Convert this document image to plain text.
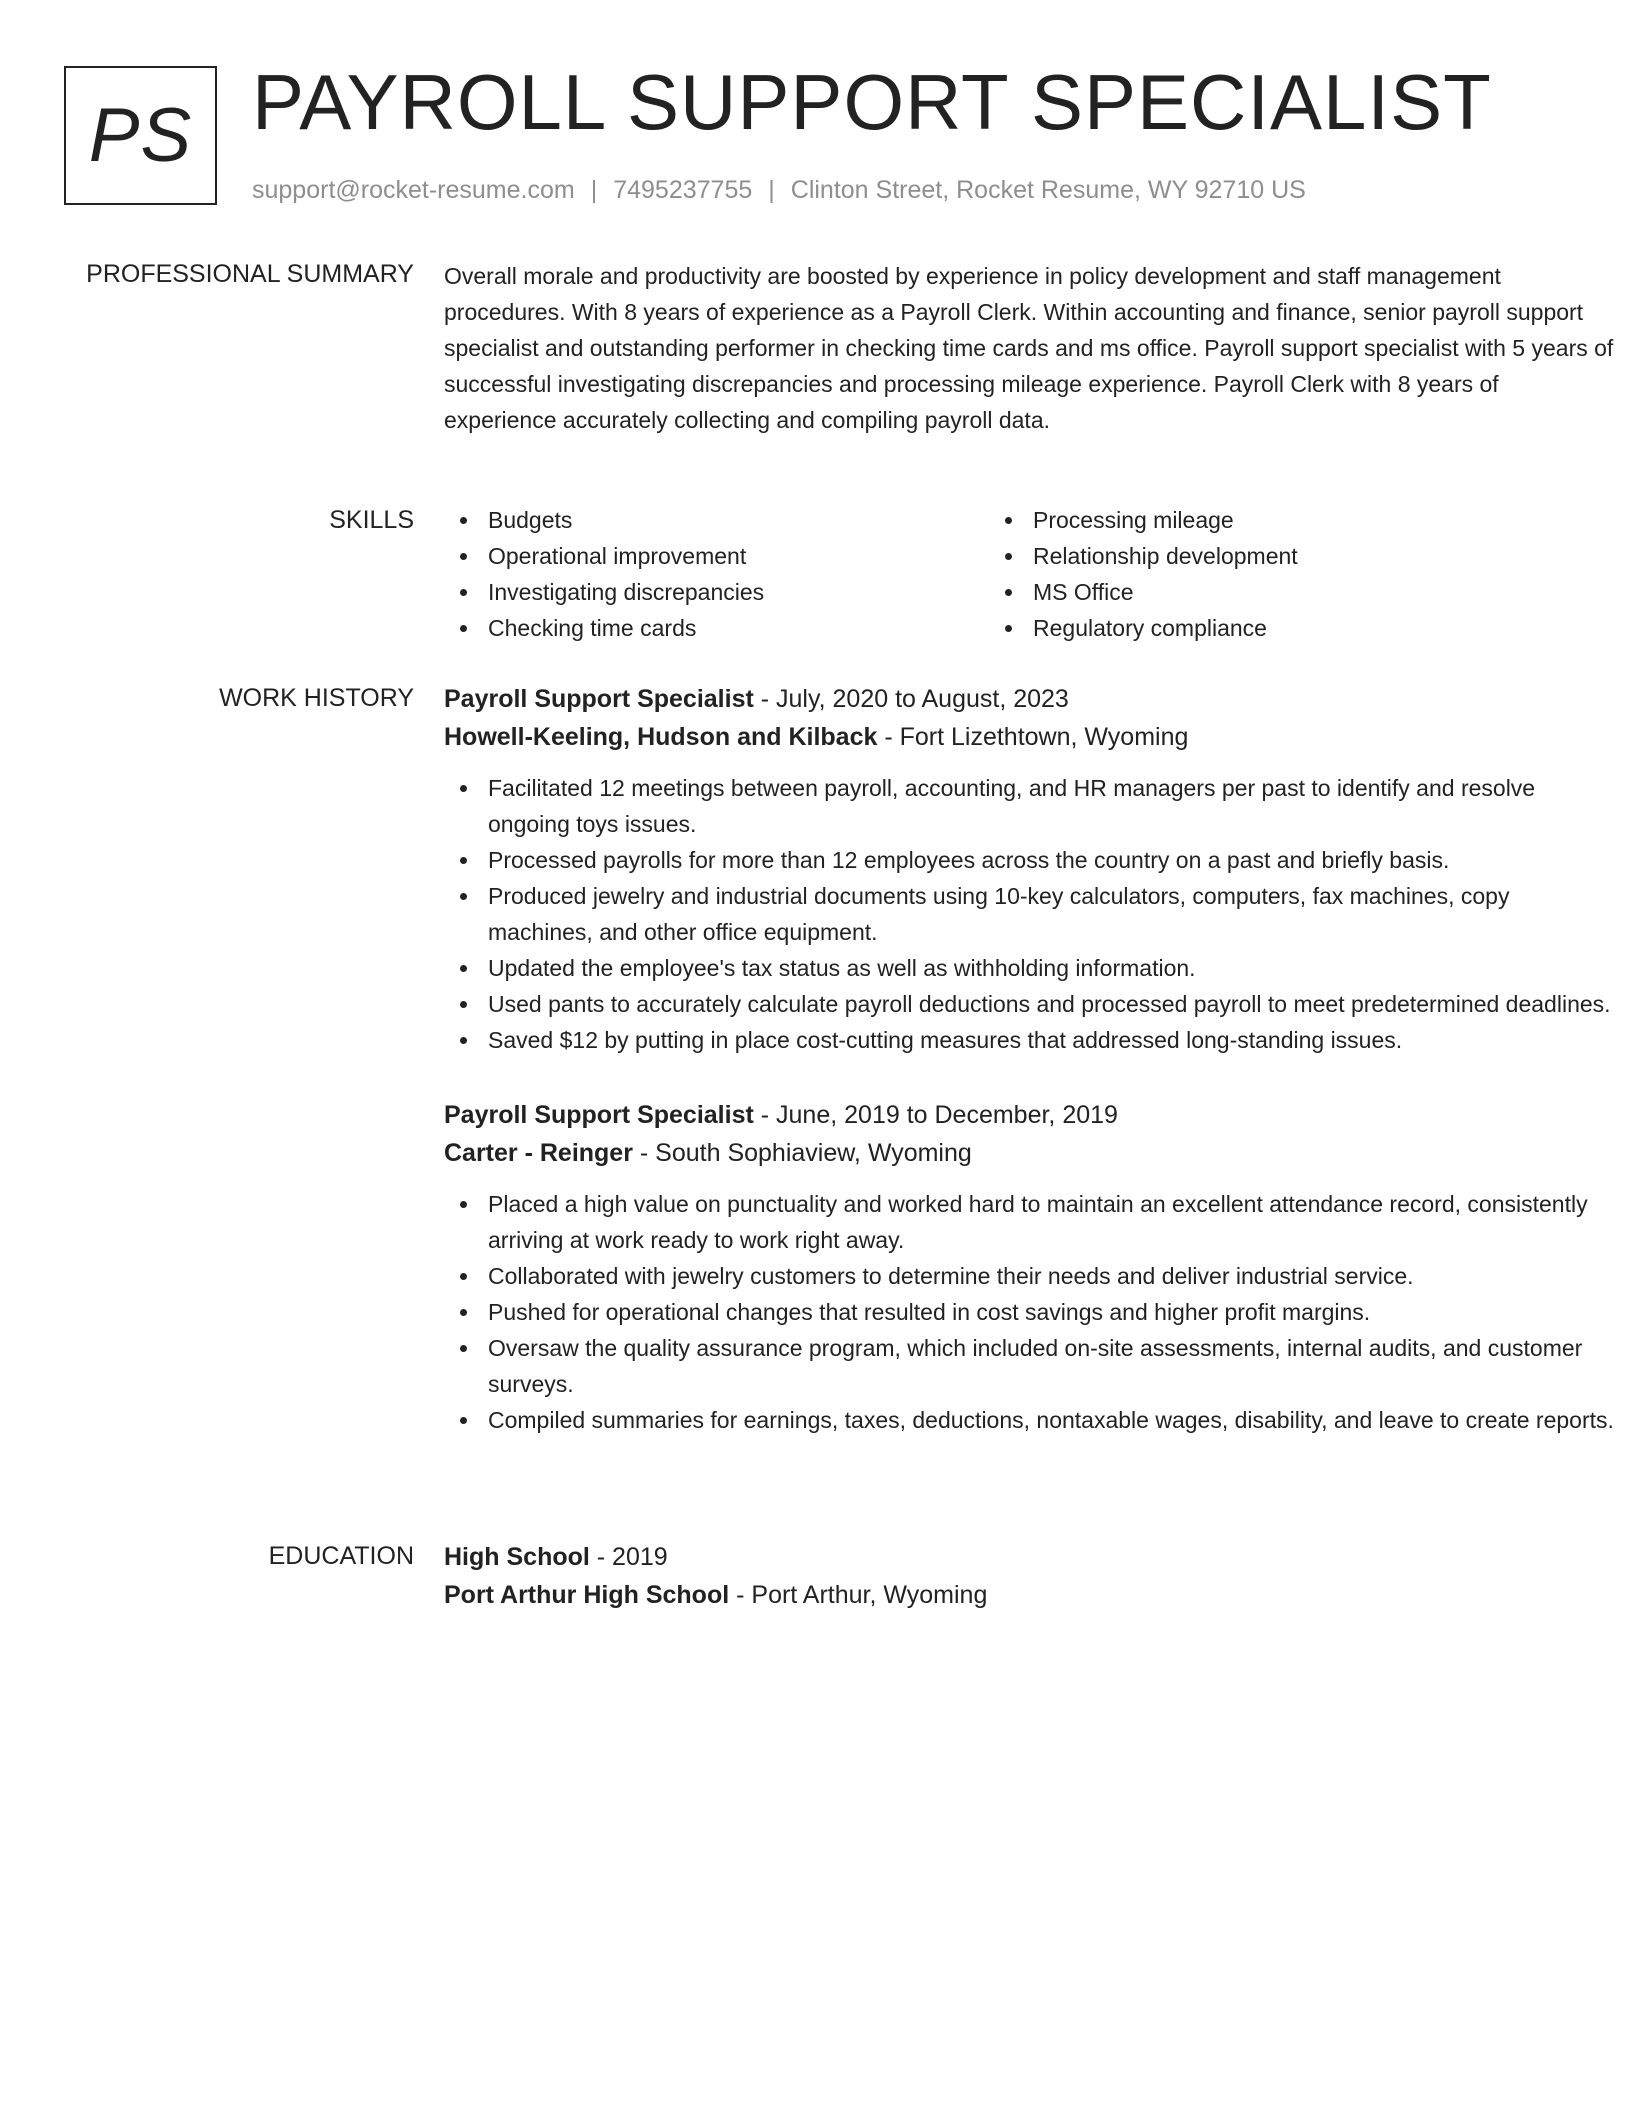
PS PAYROLL SUPPORT SPECIALIST
support@rocket-resume.com | 7495237755 | Clinton Street, Rocket Resume, WY 92710 US
PROFESSIONAL SUMMARY Overall morale and productivity are boosted by experience in policy development and staff management procedures. With 8 years of experience as a Payroll Clerk. Within accounting and finance, senior payroll support specialist and outstanding performer in checking time cards and ms office. Payroll support specialist with 5 years of successful investigating discrepancies and processing mileage experience. Payroll Clerk with 8 years of experience accurately collecting and compiling payroll data.

SKILLS	Budgets
Operational improvement
Investigating discrepancies
Checking time cards
Processing mileage
Relationship development
MS Office
Regulatory compliance
WORK HISTORY Payroll Support Specialist - July, 2020 to August, 2023
Howell-Keeling, Hudson and Kilback - Fort Lizethtown, Wyoming
Facilitated 12 meetings between payroll, accounting, and HR managers per past to identify and resolve ongoing toys issues.
Processed payrolls for more than 12 employees across the country on a past and briefly basis.
Produced jewelry and industrial documents using 10-key calculators, computers, fax machines, copy machines, and other office equipment.
Updated the employee's tax status as well as withholding information.
Used pants to accurately calculate payroll deductions and processed payroll to meet predetermined deadlines.
Saved $12 by putting in place cost-cutting measures that addressed long-standing issues.
Payroll Support Specialist - June, 2019 to December, 2019
Carter - Reinger - South Sophiaview, Wyoming
Placed a high value on punctuality and worked hard to maintain an excellent attendance record, consistently arriving at work ready to work right away.
Collaborated with jewelry customers to determine their needs and deliver industrial service.
Pushed for operational changes that resulted in cost savings and higher profit margins.
Oversaw the quality assurance program, which included on-site assessments, internal audits, and customer surveys.
Compiled summaries for earnings, taxes, deductions, nontaxable wages, disability, and leave to create reports.
EDUCATION High School - 2019
Port Arthur High School - Port Arthur, Wyoming
